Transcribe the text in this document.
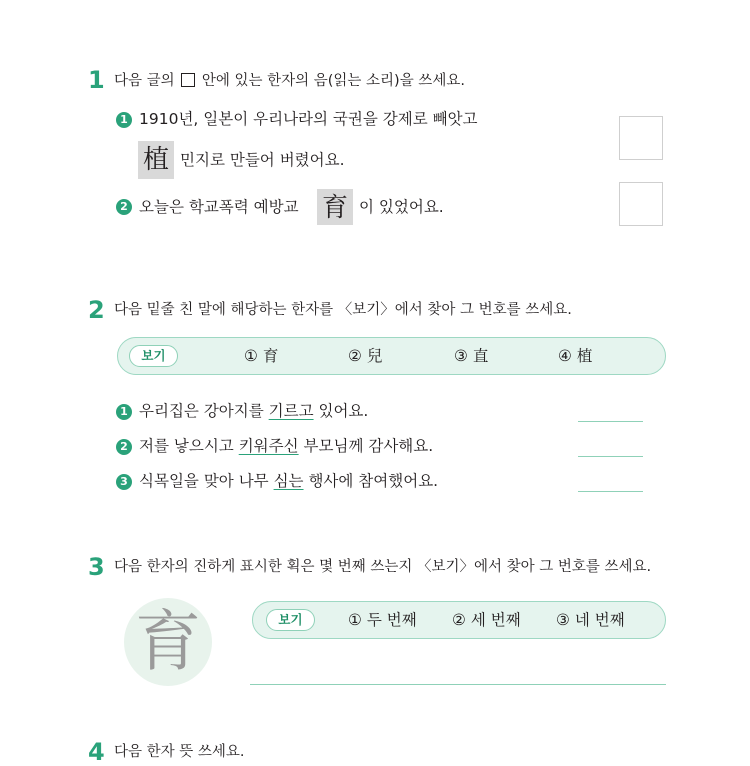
1 다음 글의 안에 있는 한자의 음(읽는 소리)을 쓰세요.
1 1910년, 일본이 우리나라의 국권을 강제로 빼앗고
植 민지로 만들어 버렸어요.
2 오늘은 학교폭력 예방교 育 이 있었어요.
2 다음 밑줄 친 말에 해당하는 한자를 〈보기〉에서 찾아 그 번호를 쓰세요.
보기	① 育	② 兒	③ 直	④ 植
1 우리집은 강아지를 기르고 있어요.
2 저를 낳으시고 키워주신 부모님께 감사해요.
3 식목일을 맞아 나무 심는 행사에 참여했어요.
3 다음 한자의 진하게 표시한 획은 몇 번째 쓰는지 〈보기〉에서 찾아 그 번호를 쓰세요.
育	보기	① 두 번째 ② 세 번째 ③ 네 번째
4 다음 한자 뜻 쓰세요.
